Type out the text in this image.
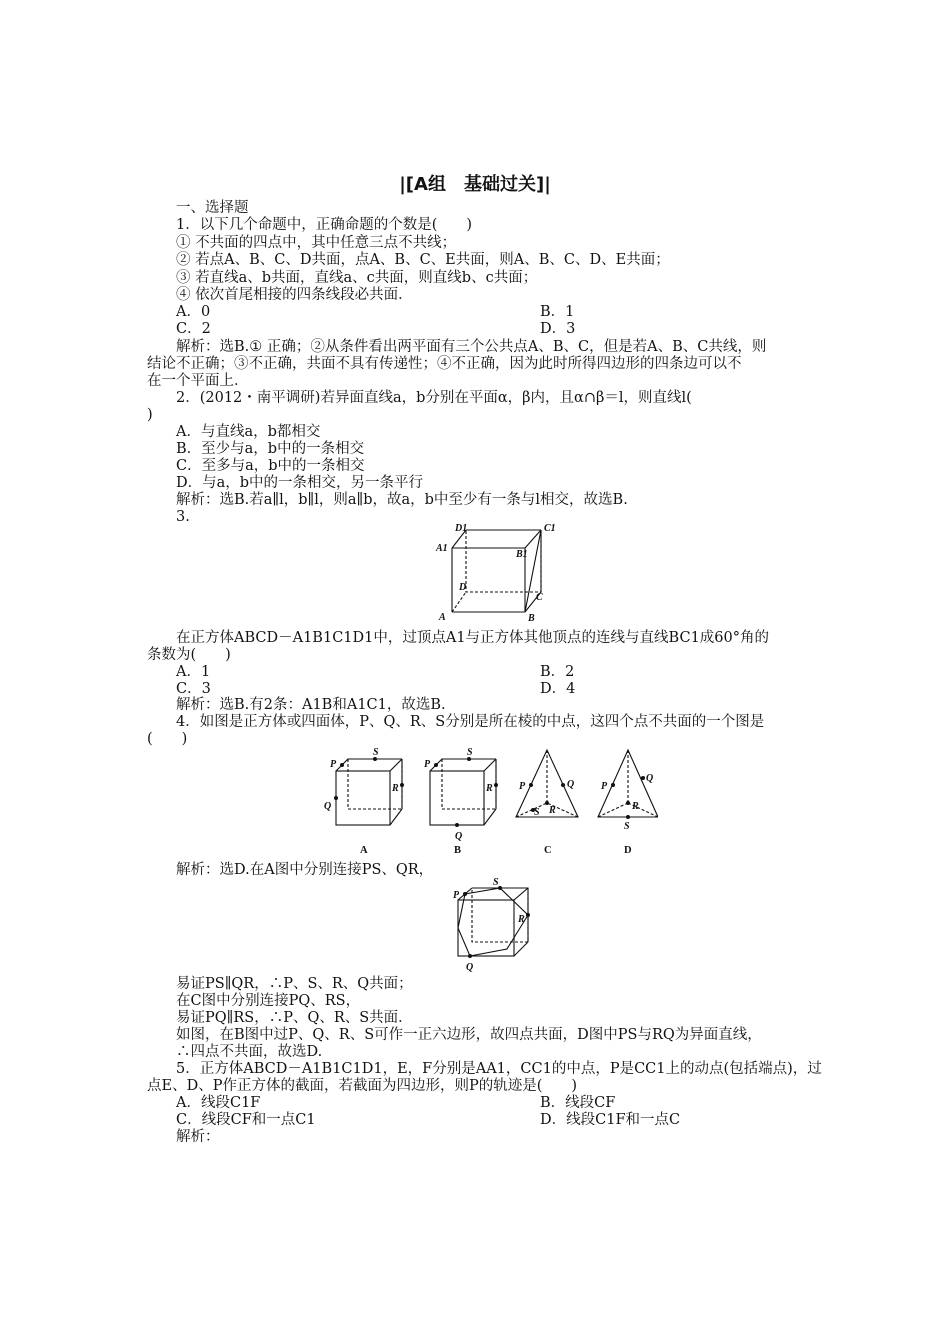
|[A组　基础过关]|
一、选择题
1．以下几个命题中，正确命题的个数是(　　)
① 不共面的四点中，其中任意三点不共线；
② 若点A、B、C、D共面，点A、B、C、E共面，则A、B、C、D、E共面；
③ 若直线a、b共面，直线a、c共面，则直线b、c共面；
④ 依次首尾相接的四条线段必共面．
A．0	B．1
C．2	D．3
解析：选B.① 正确；②从条件看出两平面有三个公共点A、B、C，但是若A、B、C共线，则
结论不正确；③不正确，共面不具有传递性；④不正确，因为此时所得四边形的四条边可以不
在一个平面上．
2．(2012・南平调研)若异面直线a，b分别在平面α，β内，且α∩β＝l，则直线l(
)
A．与直线a，b都相交
B．至少与a，b中的一条相交
C．至多与a，b中的一条相交
D．与a，b中的一条相交，另一条平行
解析：选B.若a∥l，b∥l，则a∥b，故a，b中至少有一条与l相交，故选B.
3.
D1	C1
A1
B1
D
C
A	B
在正方体ABCD－A1B1C1D1中，过顶点A1与正方体其他顶点的连线与直线BC1成60°角的
条数为(　　)
A．1	B．2
C．3	D．4
解析：选B.有2条：A1B和A1C1，故选B.
4．如图是正方体或四面体，P、Q、R、S分别是所在棱的中点，这四个点不共面的一个图是
(　　)
P
S
R
Q
A
P
S
R
Q
B
P	Q
S R
C
P
Q
R
S
D
解析：选D.在A图中分别连接PS、QR，
P
S
R
Q
易证PS∥QR，∴P、S、R、Q共面；
在C图中分别连接PQ、RS，
易证PQ∥RS，∴P、Q、R、S共面．
如图，在B图中过P、Q、R、S可作一正六边形，故四点共面，D图中PS与RQ为异面直线，
∴四点不共面，故选D.
5．正方体ABCD－A1B1C1D1，E，F分别是AA1，CC1的中点，P是CC1上的动点(包括端点)，过
点E、D、P作正方体的截面，若截面为四边形，则P的轨迹是(　　)
A．线段C1F	B．线段CF
C．线段CF和一点C1	D．线段C1F和一点C
解析：
